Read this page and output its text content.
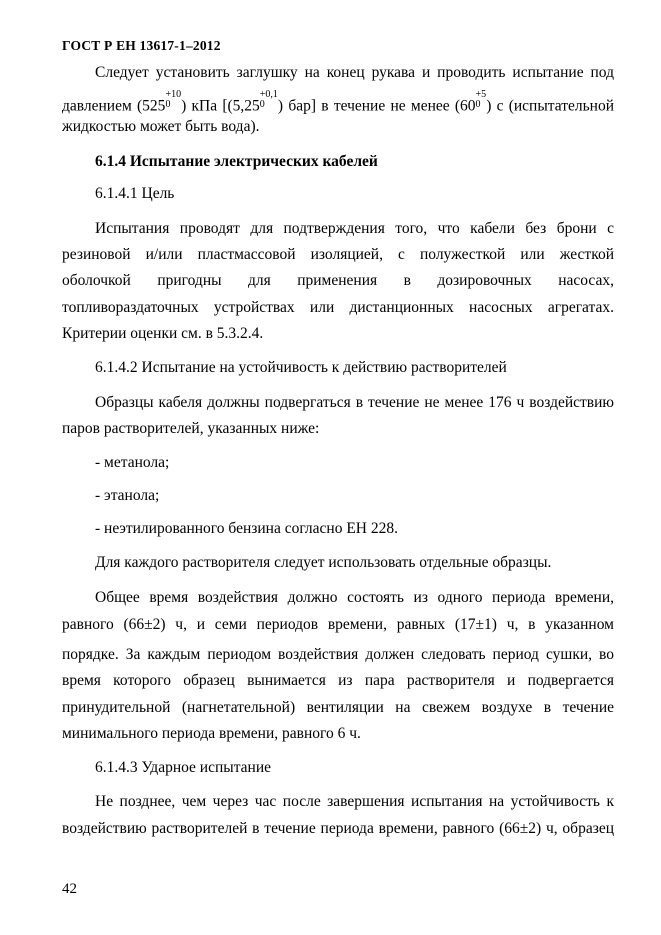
ГОСТ Р ЕН 13617-1–2012
Следует установить заглушку на конец рукава и проводить испытание под
давлением (525
$^{+10 0}$ ) кПа [(5,25
$^{+0,1 0}$ ) бар] в течение не менее (60
$^{+5 0}$ ) с (испытательной
жидкостью может быть вода).
6.1.4 Испытание электрических кабелей
6.1.4.1 Цель
Испытания проводят для подтверждения того, что кабели без брони с
резиновой и/или пластмассовой изоляцией, с полужесткой или жесткой
оболочкой пригодны для применения в дозировочных насосах,
топливораздаточных устройствах или дистанционных насосных агрегатах.
Критерии оценки см. в 5.3.2.4.
6.1.4.2 Испытание на устойчивость к действию растворителей
Образцы кабеля должны подвергаться в течение не менее 176 ч воздействию
паров растворителей, указанных ниже:
- метанола;
- этанола;
- неэтилированного бензина согласно ЕН 228.
Для каждого растворителя следует использовать отдельные образцы.
Общее время воздействия должно состоять из одного периода времени,
равного (66±2) ч, и семи периодов времени, равных (17±1) ч, в указанном
порядке. За каждым периодом воздействия должен следовать период сушки, во
время которого образец вынимается из пара растворителя и подвергается
принудительной (нагнетательной) вентиляции на свежем воздухе в течение
минимального периода времени, равного 6 ч.
6.1.4.3 Ударное испытание
Не позднее, чем через час после завершения испытания на устойчивость к
воздействию растворителей в течение периода времени, равного (66±2) ч, образец
42
